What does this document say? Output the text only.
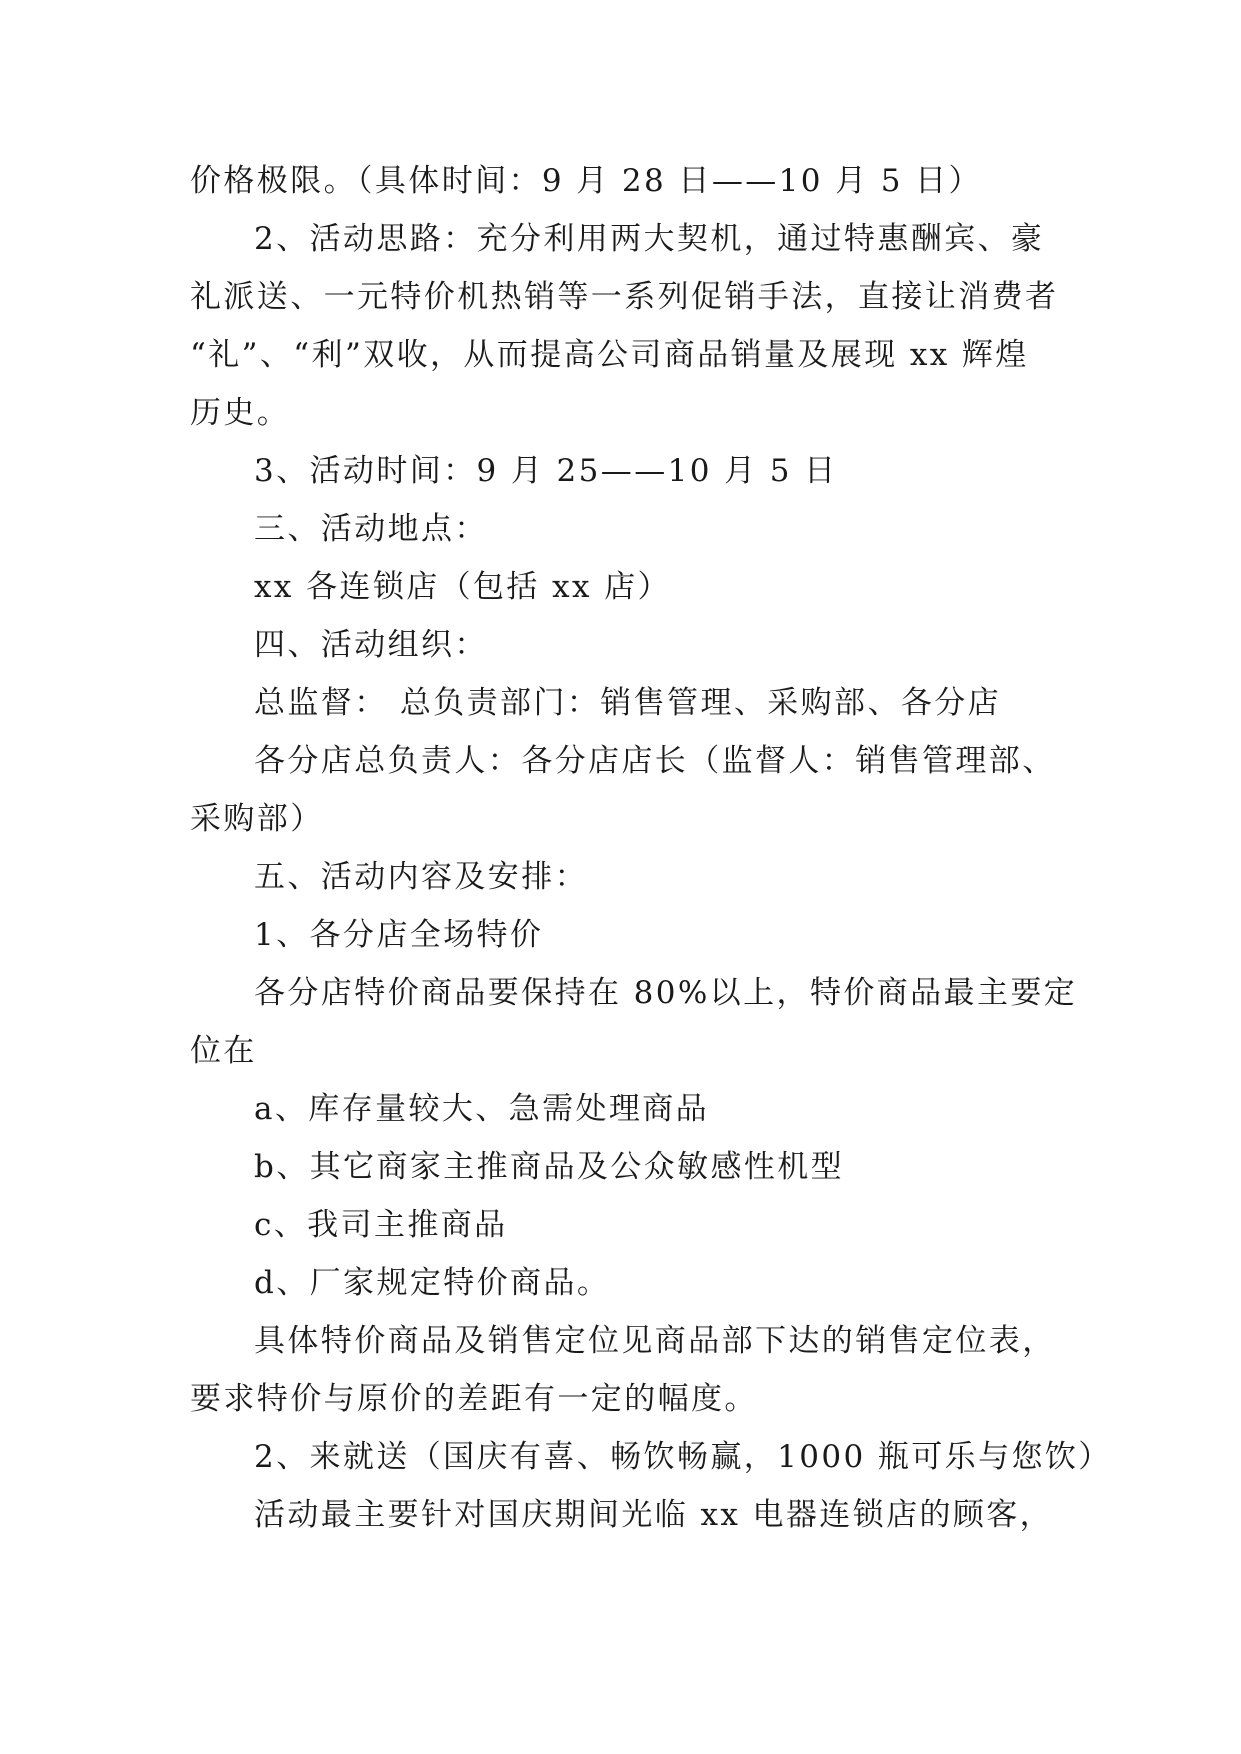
价格极限。（具体时间：9 月 28 日——10 月 5 日）

2、活动思路：充分利用两大契机，通过特惠酬宾、豪

礼派送、一元特价机热销等一系列促销手法，直接让消费者

“礼”、“利”双收，从而提高公司商品销量及展现 xx 辉煌

历史。

3、活动时间：9 月 25——10 月 5 日

三、活动地点：

xx 各连锁店（包括 xx 店）

四、活动组织：

总监督： 总负责部门：销售管理、采购部、各分店

各分店总负责人：各分店店长（监督人：销售管理部、

采购部）

五、活动内容及安排：

1、各分店全场特价

各分店特价商品要保持在 80%以上，特价商品最主要定

位在

a、库存量较大、急需处理商品

b、其它商家主推商品及公众敏感性机型

c、我司主推商品

d、厂家规定特价商品。

具体特价商品及销售定位见商品部下达的销售定位表，

要求特价与原价的差距有一定的幅度。

2、来就送（国庆有喜、畅饮畅赢，1000 瓶可乐与您饮）

活动最主要针对国庆期间光临 xx 电器连锁店的顾客，
